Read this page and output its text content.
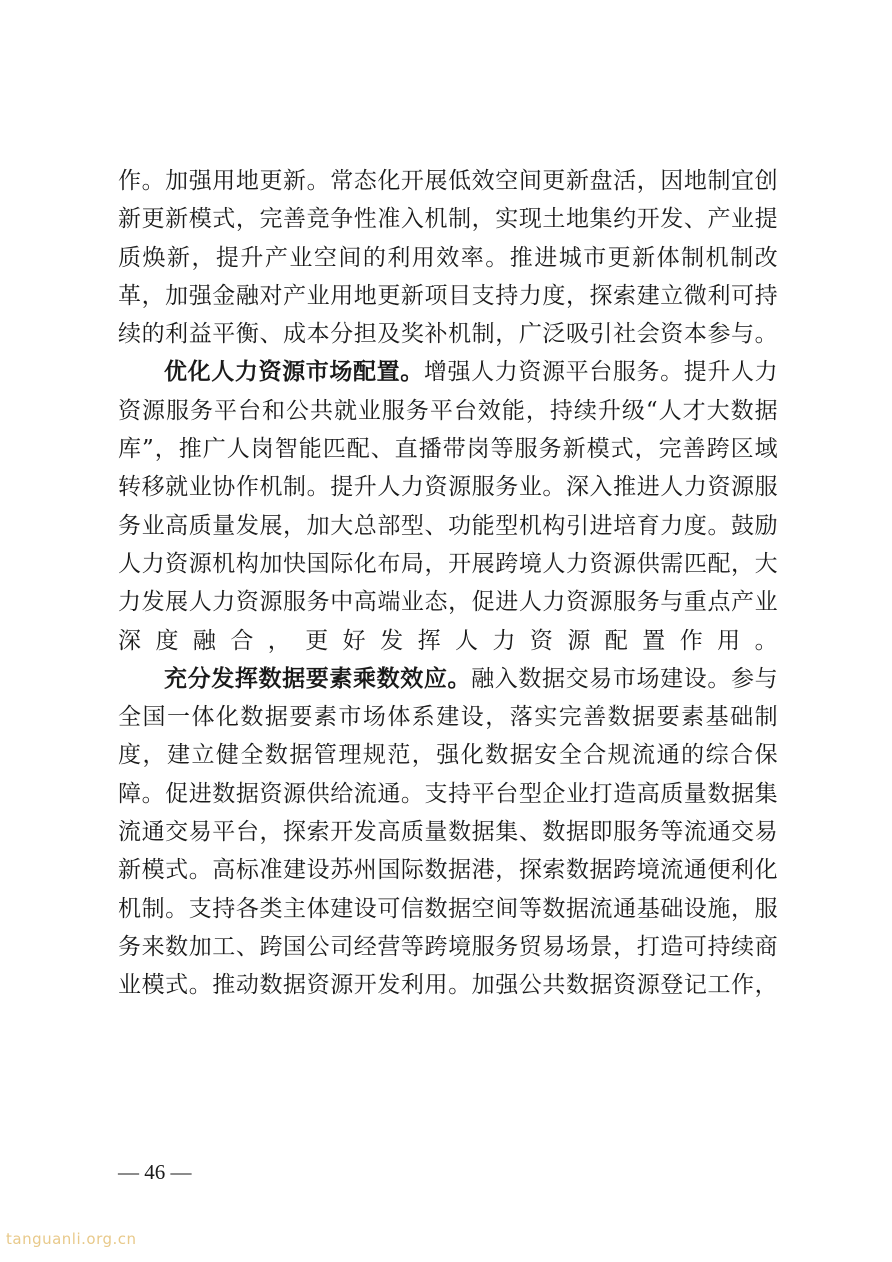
作。加强用地更新。常态化开展低效空间更新盘活，因地制宜创新更新模式，完善竞争性准入机制，实现土地集约开发、产业提质焕新，提升产业空间的利用效率。推进城市更新体制机制改革，加强金融对产业用地更新项目支持力度，探索建立微利可持续的利益平衡、成本分担及奖补机制，广泛吸引社会资本参与。

优化人力资源市场配置。增强人力资源平台服务。提升人力资源服务平台和公共就业服务平台效能，持续升级“人才大数据库”，推广人岗智能匹配、直播带岗等服务新模式，完善跨区域转移就业协作机制。提升人力资源服务业。深入推进人力资源服务业高质量发展，加大总部型、功能型机构引进培育力度。鼓励人力资源机构加快国际化布局，开展跨境人力资源供需匹配，大力发展人力资源服务中高端业态，促进人力资源服务与重点产业深度融合，更好发挥人力资源配置作用。

充分发挥数据要素乘数效应。融入数据交易市场建设。参与全国一体化数据要素市场体系建设，落实完善数据要素基础制度，建立健全数据管理规范，强化数据安全合规流通的综合保障。促进数据资源供给流通。支持平台型企业打造高质量数据集流通交易平台，探索开发高质量数据集、数据即服务等流通交易新模式。高标准建设苏州国际数据港，探索数据跨境流通便利化机制。支持各类主体建设可信数据空间等数据流通基础设施，服务来数加工、跨国公司经营等跨境服务贸易场景，打造可持续商业模式。推动数据资源开发利用。加强公共数据资源登记工作，

— 46 —
tanguanli.org.cn
